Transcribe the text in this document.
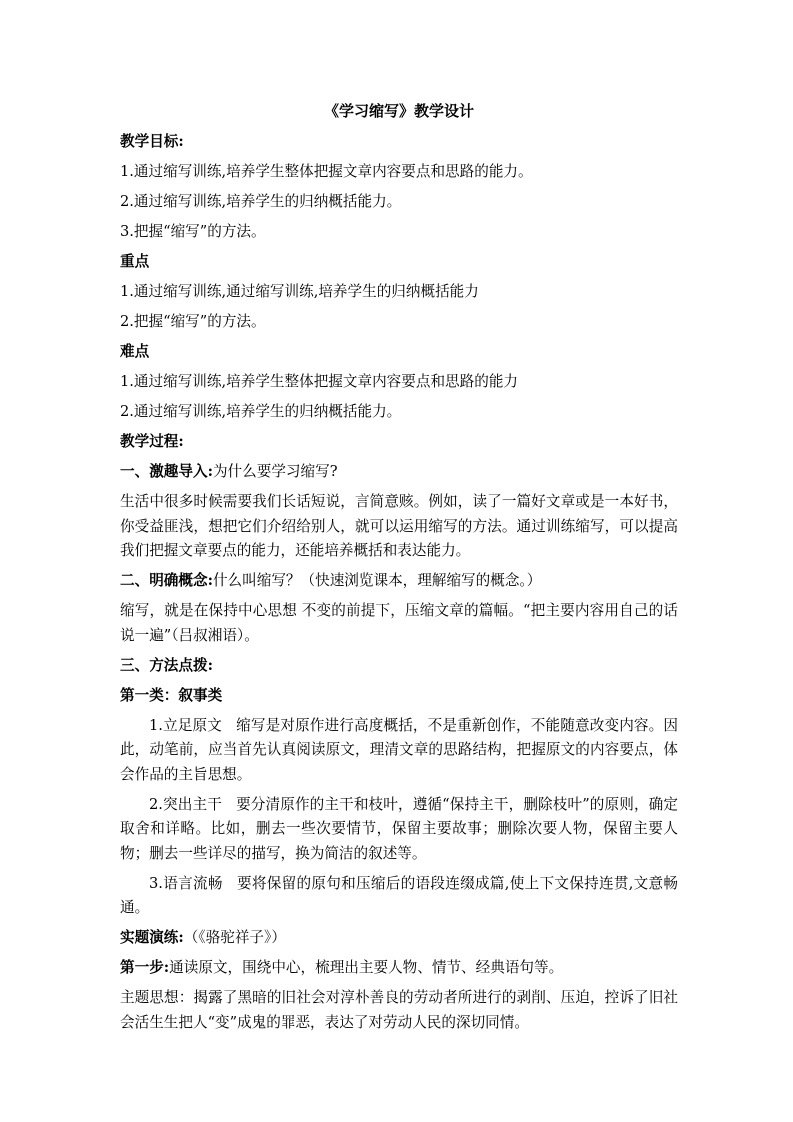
《学习缩写》教学设计
教学目标:
1.通过缩写训练,培养学生整体把握文章内容要点和思路的能力。
2.通过缩写训练,培养学生的归纳概括能力。
3.把握“缩写”的方法。
重点
1.通过缩写训练,通过缩写训练,培养学生的归纳概括能力
2.把握“缩写”的方法。
难点
1.通过缩写训练,培养学生整体把握文章内容要点和思路的能力
2.通过缩写训练,培养学生的归纳概括能力。
教学过程:
一、激趣导入:为什么要学习缩写?
生活中很多时候需要我们长话短说，言简意赅。例如，读了一篇好文章或是一本好书，你受益匪浅，想把它们介绍给别人，就可以运用缩写的方法。通过训练缩写，可以提高我们把握文章要点的能力，还能培养概括和表达能力。
二、明确概念:什么叫缩写？（快速浏览课本，理解缩写的概念。）
缩写，就是在保持中心思想 不变的前提下，压缩文章的篇幅。“把主要内容用自己的话说一遍”（吕叔湘语）。
三、方法点拨:
第一类：叙事类
1.立足原文 缩写是对原作进行高度概括，不是重新创作，不能随意改变内容。因此，动笔前，应当首先认真阅读原文，理清文章的思路结构，把握原文的内容要点，体会作品的主旨思想。
2.突出主干 要分清原作的主干和枝叶，遵循“保持主干，删除枝叶”的原则，确定取舍和详略。比如，删去一些次要情节，保留主要故事；删除次要人物，保留主要人物；删去一些详尽的描写，换为简洁的叙述等。
3.语言流畅 要将保留的原句和压缩后的语段连缀成篇,使上下文保持连贯,文意畅通。
实题演练:（《骆驼祥子》）
第一步:通读原文，围绕中心，梳理出主要人物、情节、经典语句等。
主题思想：揭露了黑暗的旧社会对淳朴善良的劳动者所进行的剥削、压迫，控诉了旧社会活生生把人“变”成鬼的罪恶，表达了对劳动人民的深切同情。
